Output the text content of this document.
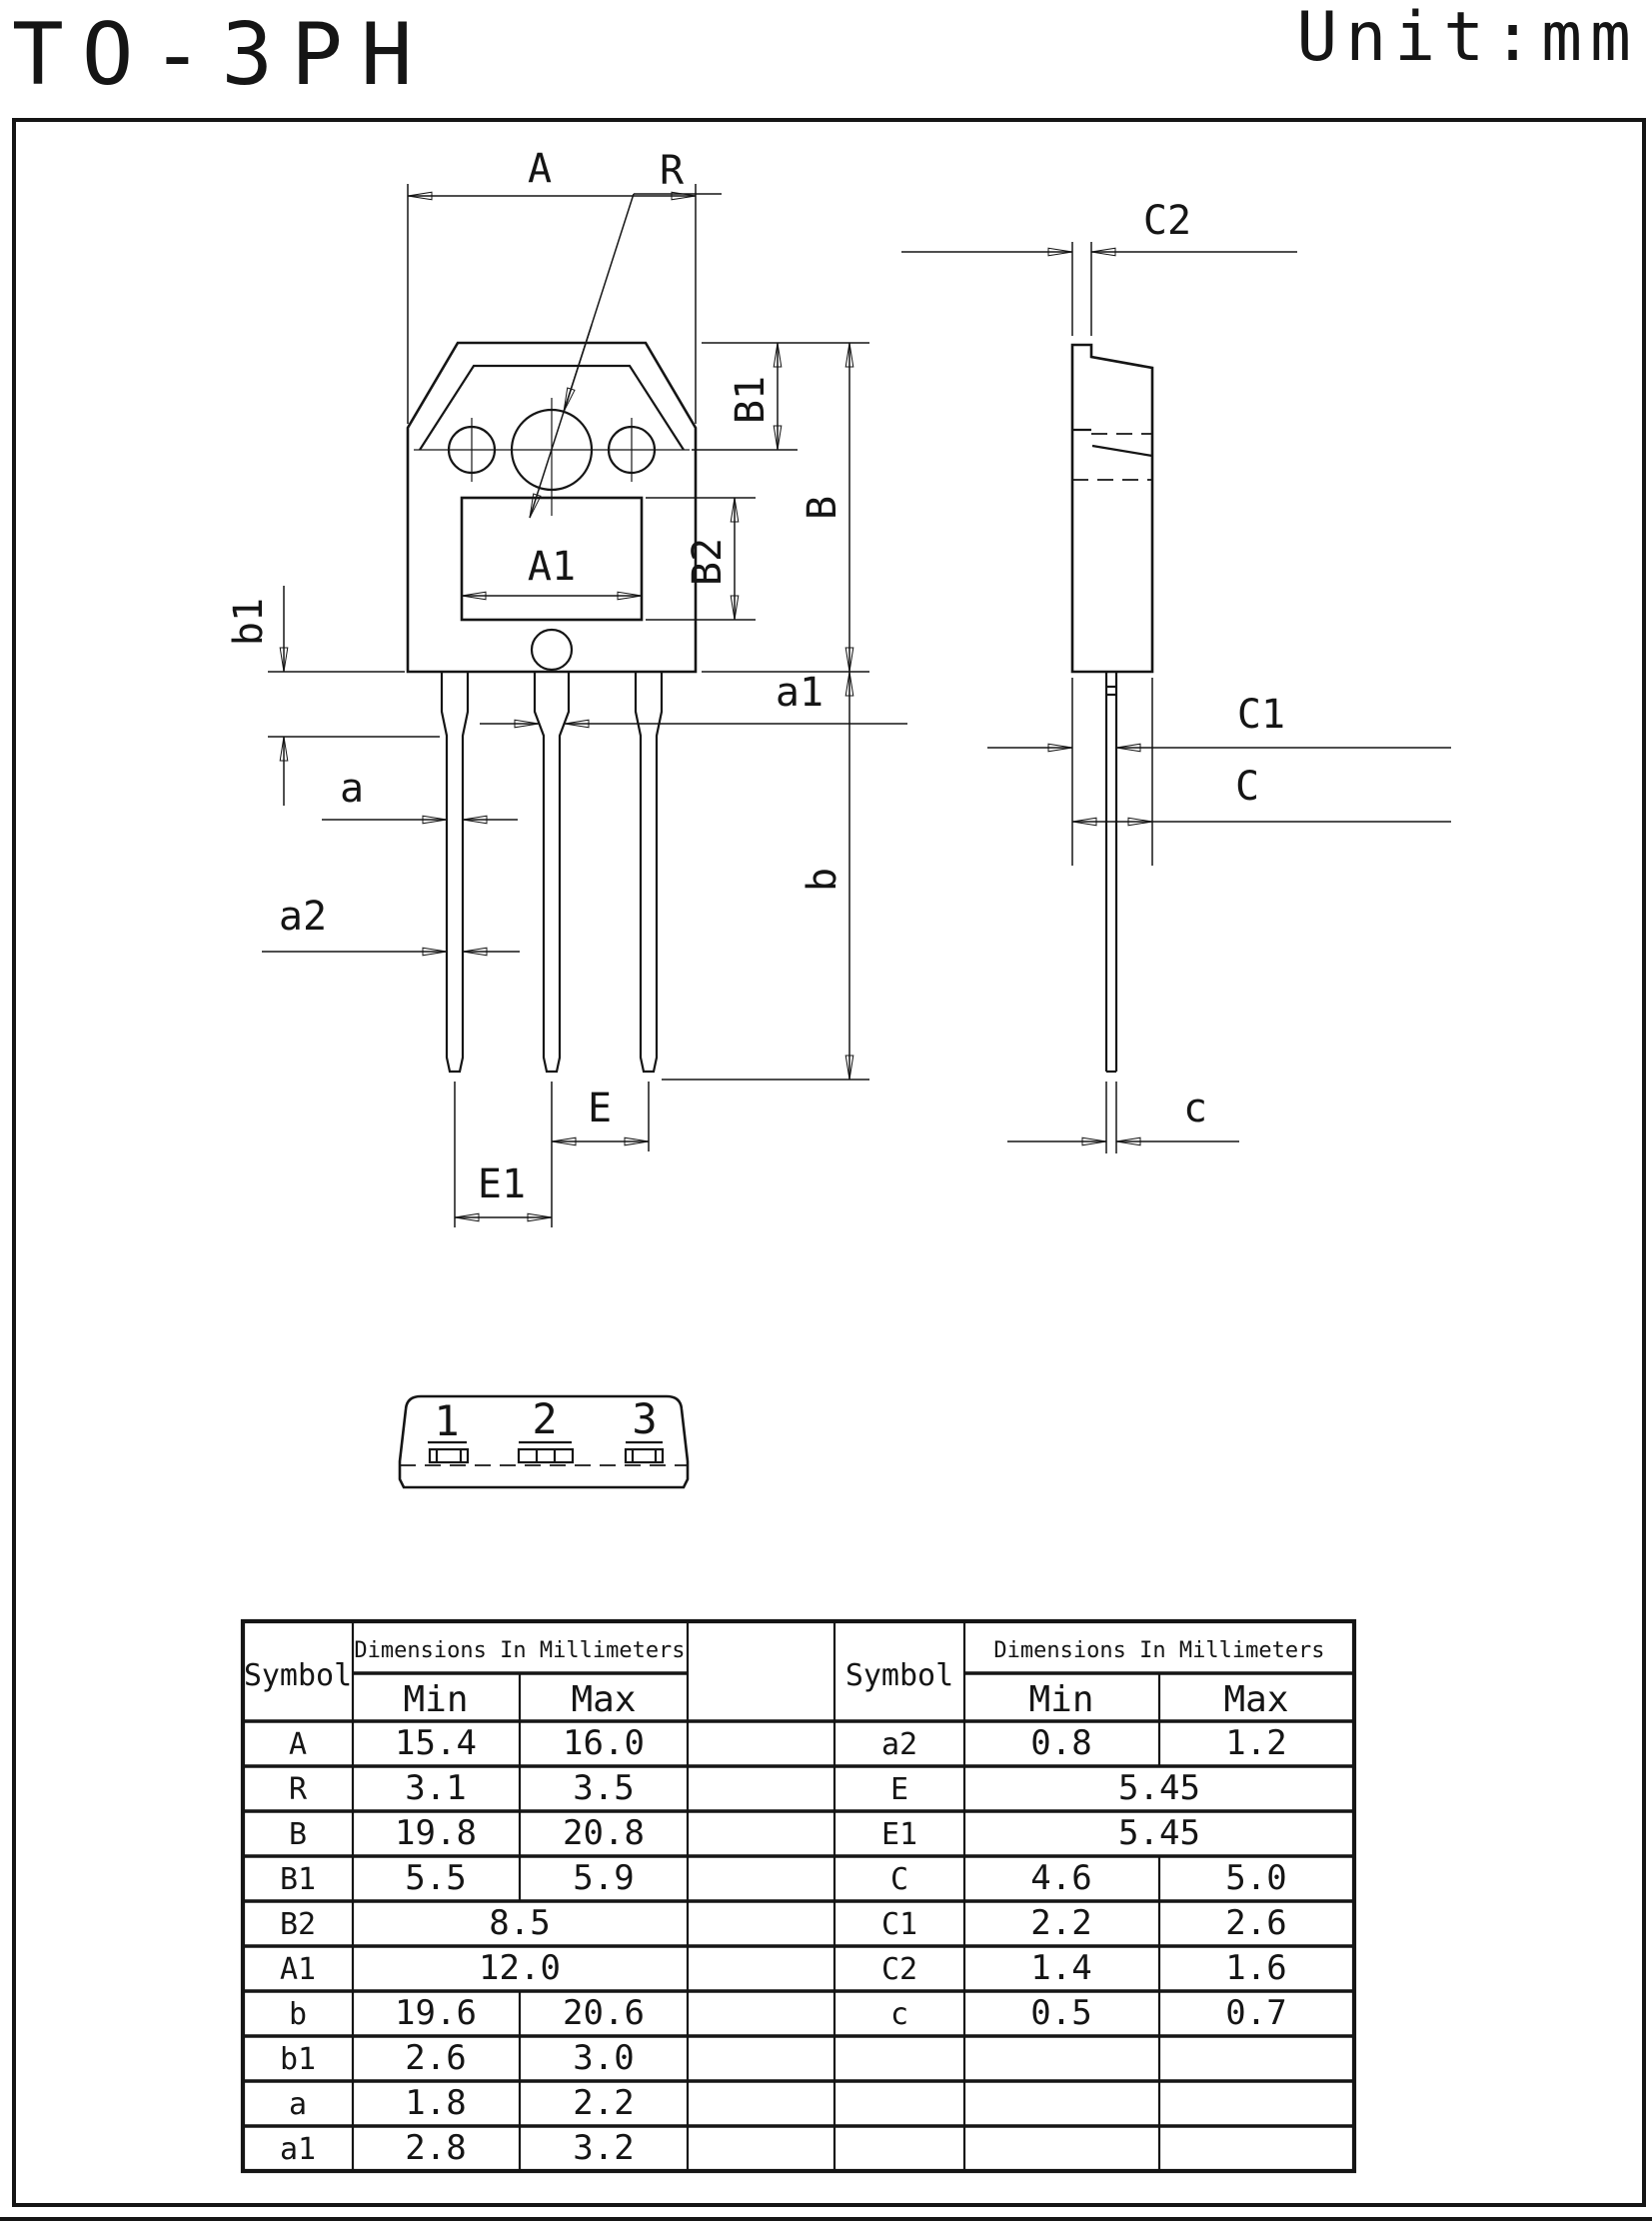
TO-3PH	Unit:mm
A	R
B1
B
B2
A1
b1
a
a2
a1
b
E
E1
C2
C1
C
c
1 2 3
Symbol
Dimensions In Millimeters
Min	Max
Symbol
Dimensions In Millimeters
Min	Max
A	15.4	16.0
R	3.1	3.5
B	19.8	20.8
B1	5.5	5.9
B2	8.5
A1	12.0
b	19.6	20.6
b1	2.6	3.0
a	1.8	2.2
a1	2.8	3.2
a2	0.8	1.2
E	5.45
E1	5.45
C	4.6	5.0
C1	2.2	2.6
C2	1.4	1.6
c	0.5	0.7
